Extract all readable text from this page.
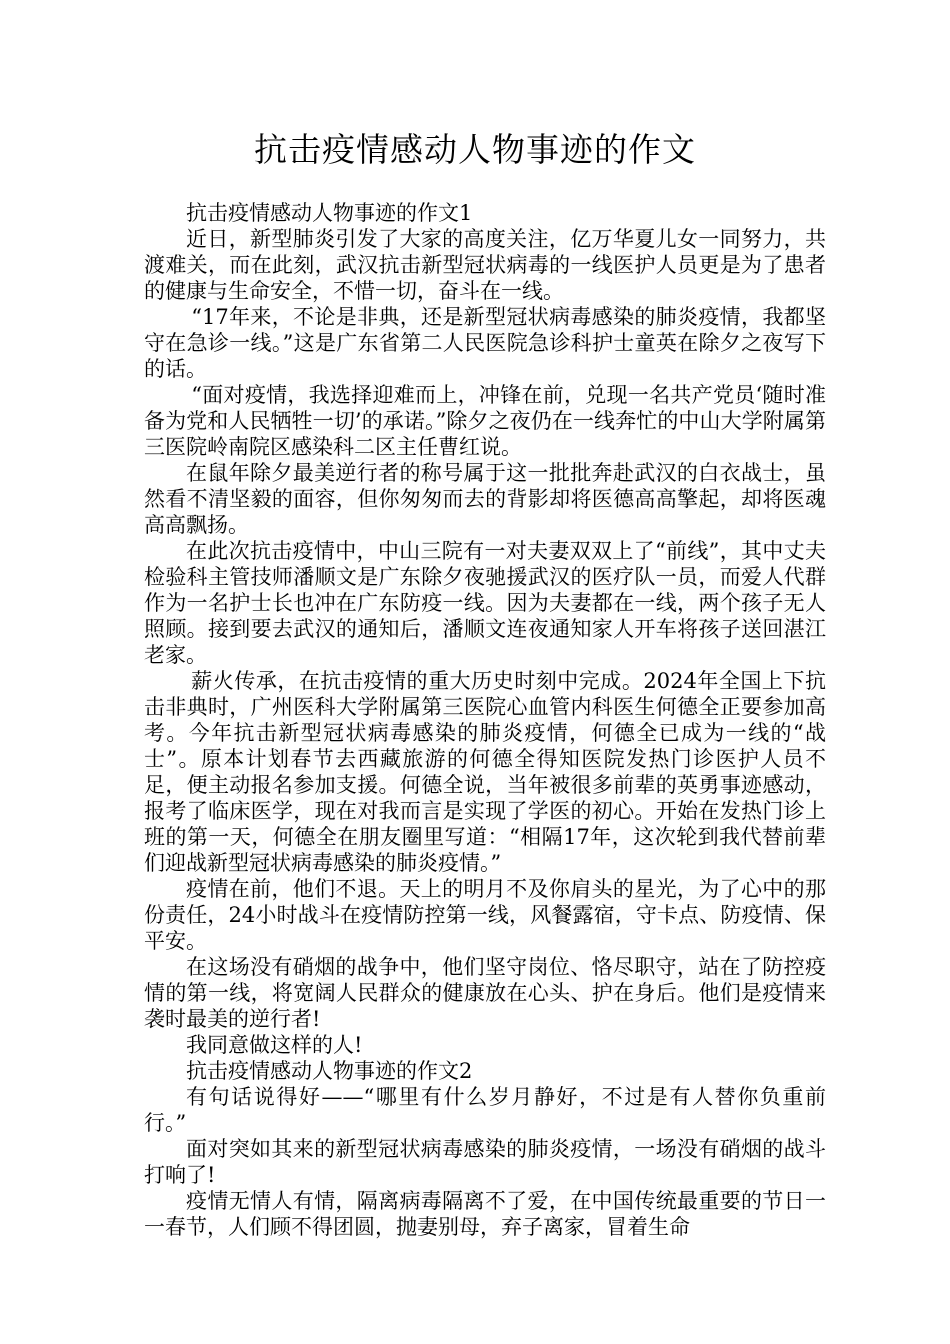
抗击疫情感动人物事迹的作文

抗击疫情感动人物事迹的作文1

近日，新型肺炎引发了大家的高度关注，亿万华夏儿女一同努力，共渡难关，而在此刻，武汉抗击新型冠状病毒的一线医护人员更是为了患者的健康与生命安全，不惜一切，奋斗在一线。

“17年来，不论是非典，还是新型冠状病毒感染的肺炎疫情，我都坚守在急诊一线。”这是广东省第二人民医院急诊科护士童英在除夕之夜写下的话。

“面对疫情，我选择迎难而上，冲锋在前，兑现一名共产党员‘随时准备为党和人民牺牲一切’的承诺。”除夕之夜仍在一线奔忙的中山大学附属第三医院岭南院区感染科二区主任曹红说。

在鼠年除夕最美逆行者的称号属于这一批批奔赴武汉的白衣战士，虽然看不清坚毅的面容，但你匆匆而去的背影却将医德高高擎起，却将医魂高高飘扬。

在此次抗击疫情中，中山三院有一对夫妻双双上了“前线”，其中丈夫检验科主管技师潘顺文是广东除夕夜驰援武汉的医疗队一员，而爱人代群作为一名护士长也冲在广东防疫一线。因为夫妻都在一线，两个孩子无人照顾。接到要去武汉的通知后，潘顺文连夜通知家人开车将孩子送回湛江老家。

薪火传承，在抗击疫情的重大历史时刻中完成。2024年全国上下抗击非典时，广州医科大学附属第三医院心血管内科医生何德全正要参加高考。今年抗击新型冠状病毒感染的肺炎疫情，何德全已成为一线的“战士”。原本计划春节去西藏旅游的何德全得知医院发热门诊医护人员不足，便主动报名参加支援。何德全说，当年被很多前辈的英勇事迹感动，报考了临床医学，现在对我而言是实现了学医的初心。开始在发热门诊上班的第一天，何德全在朋友圈里写道：“相隔17年，这次轮到我代替前辈们迎战新型冠状病毒感染的肺炎疫情。”

疫情在前，他们不退。天上的明月不及你肩头的星光，为了心中的那份责任，24小时战斗在疫情防控第一线，风餐露宿，守卡点、防疫情、保平安。

在这场没有硝烟的战争中，他们坚守岗位、恪尽职守，站在了防控疫情的第一线，将宽阔人民群众的健康放在心头、护在身后。他们是疫情来袭时最美的逆行者!

我同意做这样的人!

抗击疫情感动人物事迹的作文2

有句话说得好——“哪里有什么岁月静好，不过是有人替你负重前行。”

面对突如其来的新型冠状病毒感染的肺炎疫情，一场没有硝烟的战斗打响了!

疫情无情人有情，隔离病毒隔离不了爱，在中国传统最重要的节日一一春节，人们顾不得团圆，抛妻别母，弃子离家，冒着生命
